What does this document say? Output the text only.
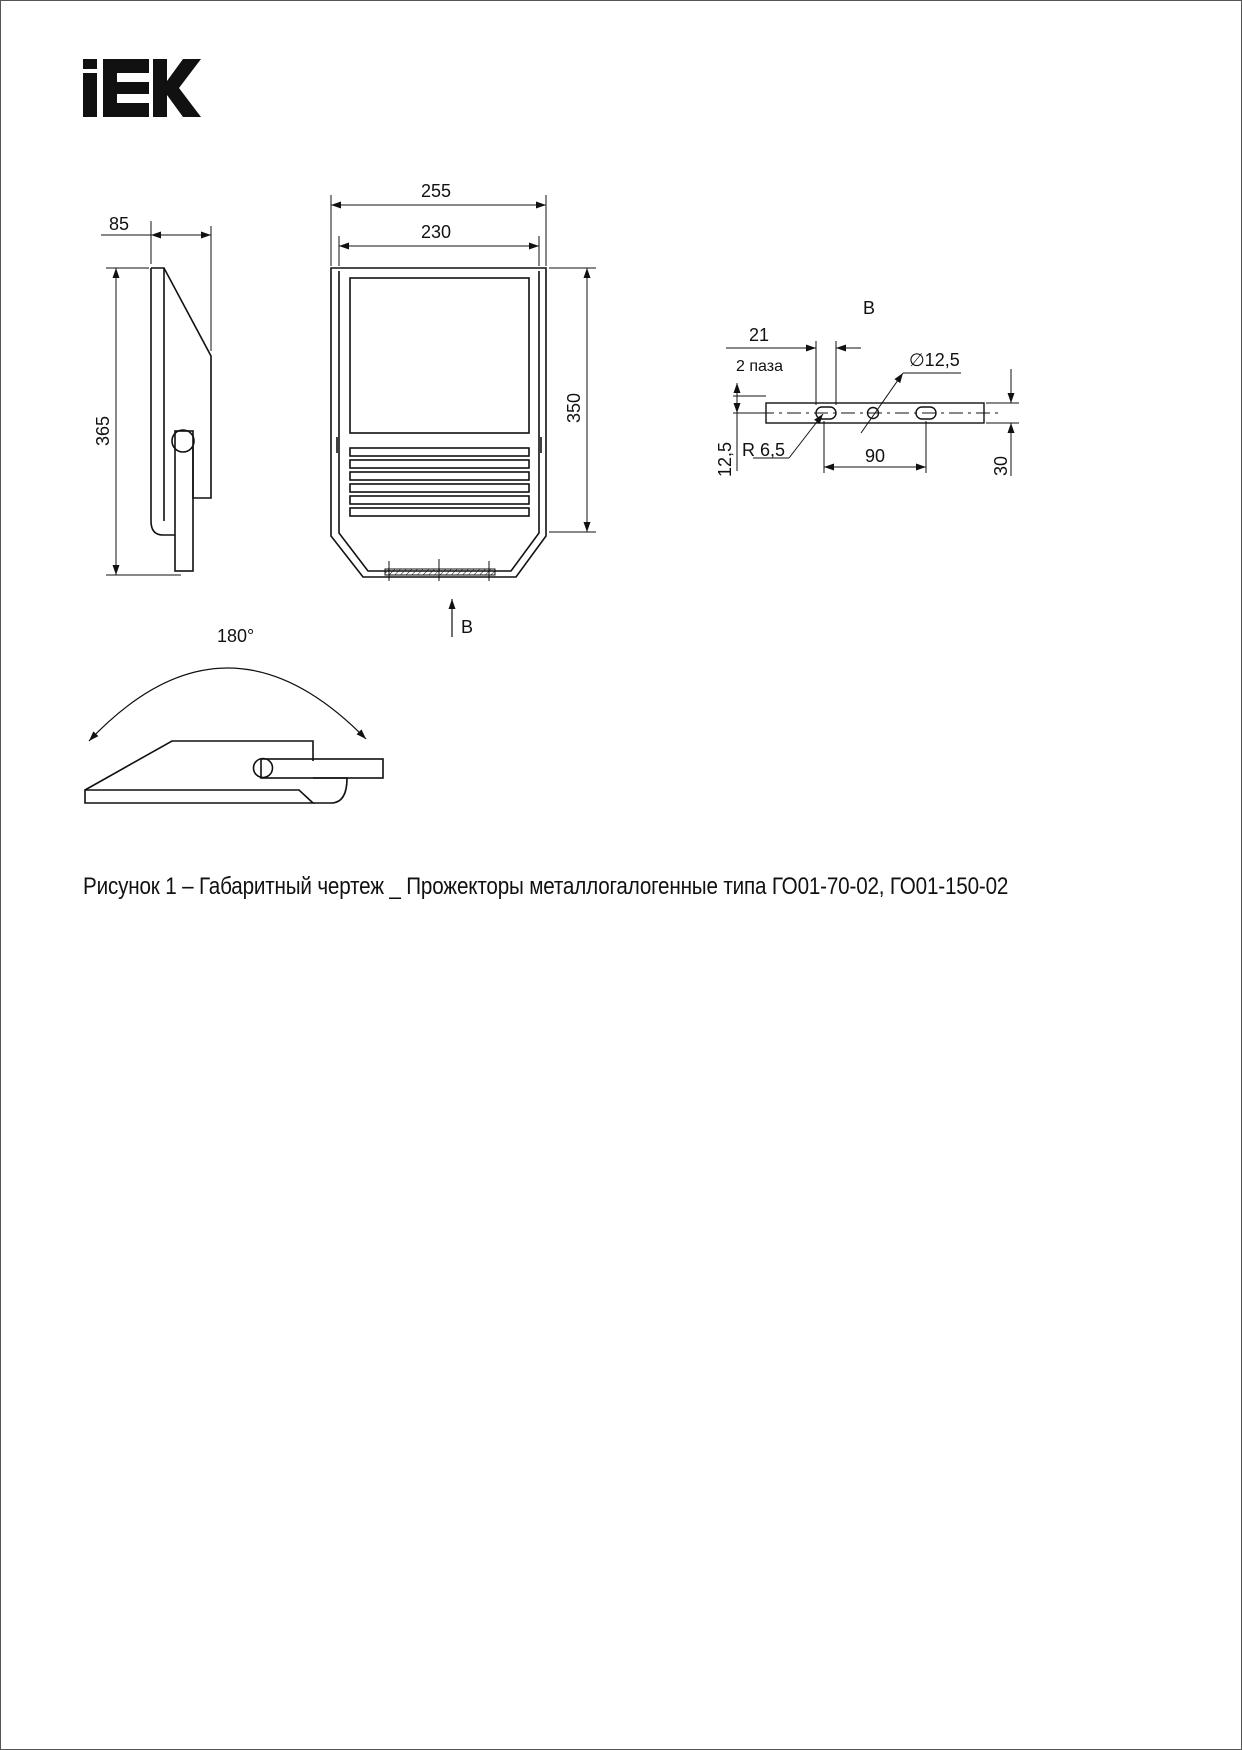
85
365
255
230
350
B
B
21
2 паза	∅12,5
R 6,5	90
12,5	30
180°
Рисунок 1 – Габаритный чертеж _ Прожекторы металлогалогенные типа ГО01-70-02, ГО01-150-02
